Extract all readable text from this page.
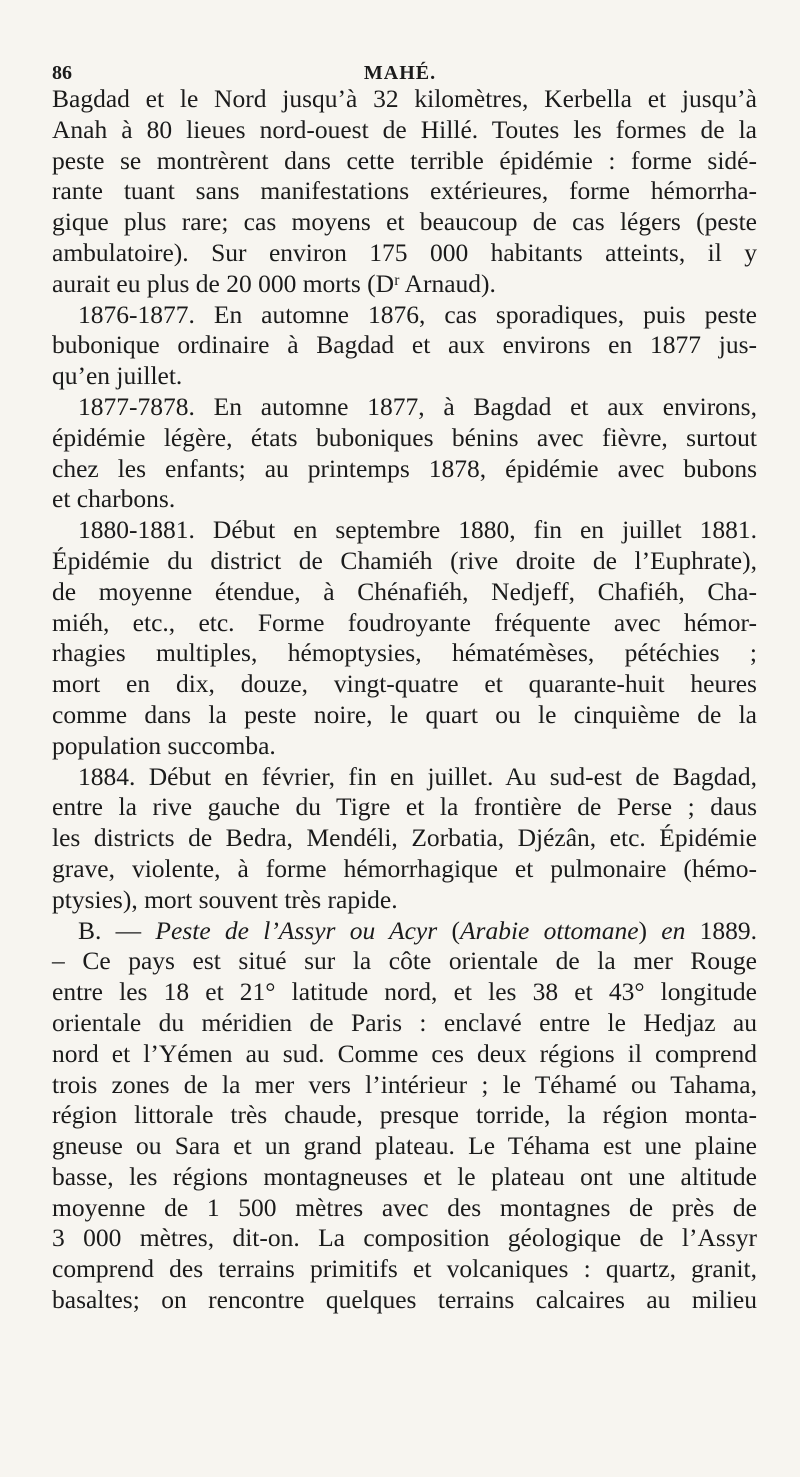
86	MAHÉ.
Bagdad et le Nord jusqu’à 32 kilomètres, Kerbella et jusqu’à
Anah à 80 lieues nord-ouest de Hillé. Toutes les formes de la
peste se montrèrent dans cette terrible épidémie : forme sidé-
rante tuant sans manifestations extérieures, forme hémorrha-
gique plus rare; cas moyens et beaucoup de cas légers (peste
ambulatoire). Sur environ 175 000 habitants atteints, il y
aurait eu plus de 20 000 morts (Dʳ Arnaud).
1876-1877. En automne 1876, cas sporadiques, puis peste
bubonique ordinaire à Bagdad et aux environs en 1877 jus-
qu’en juillet.
1877-7878. En automne 1877, à Bagdad et aux environs,
épidémie légère, états buboniques bénins avec fièvre, surtout
chez les enfants; au printemps 1878, épidémie avec bubons
et charbons.
1880-1881. Début en septembre 1880, fin en juillet 1881.
Épidémie du district de Chamiéh (rive droite de l’Euphrate),
de moyenne étendue, à Chénafiéh, Nedjeff, Chafiéh, Cha-
miéh, etc., etc. Forme foudroyante fréquente avec hémor-
rhagies multiples, hémoptysies, hématémèses, pétéchies ;
mort en dix, douze, vingt-quatre et quarante-huit heures
comme dans la peste noire, le quart ou le cinquième de la
population succomba.
1884. Début en février, fin en juillet. Au sud-est de Bagdad,
entre la rive gauche du Tigre et la frontière de Perse ; daus
les districts de Bedra, Mendéli, Zorbatia, Djézân, etc. Épidémie
grave, violente, à forme hémorrhagique et pulmonaire (hémo-
ptysies), mort souvent très rapide.
B. — Peste de l’Assyr ou Acyr (Arabie ottomane) en 1889.
– Ce pays est situé sur la côte orientale de la mer Rouge
entre les 18 et 21° latitude nord, et les 38 et 43° longitude
orientale du méridien de Paris : enclavé entre le Hedjaz au
nord et l’Yémen au sud. Comme ces deux régions il comprend
trois zones de la mer vers l’intérieur ; le Téhamé ou Tahama,
région littorale très chaude, presque torride, la région monta-
gneuse ou Sara et un grand plateau. Le Téhama est une plaine
basse, les régions montagneuses et le plateau ont une altitude
moyenne de 1 500 mètres avec des montagnes de près de
3 000 mètres, dit-on. La composition géologique de l’Assyr
comprend des terrains primitifs et volcaniques : quartz, granit,
basaltes; on rencontre quelques terrains calcaires au milieu
